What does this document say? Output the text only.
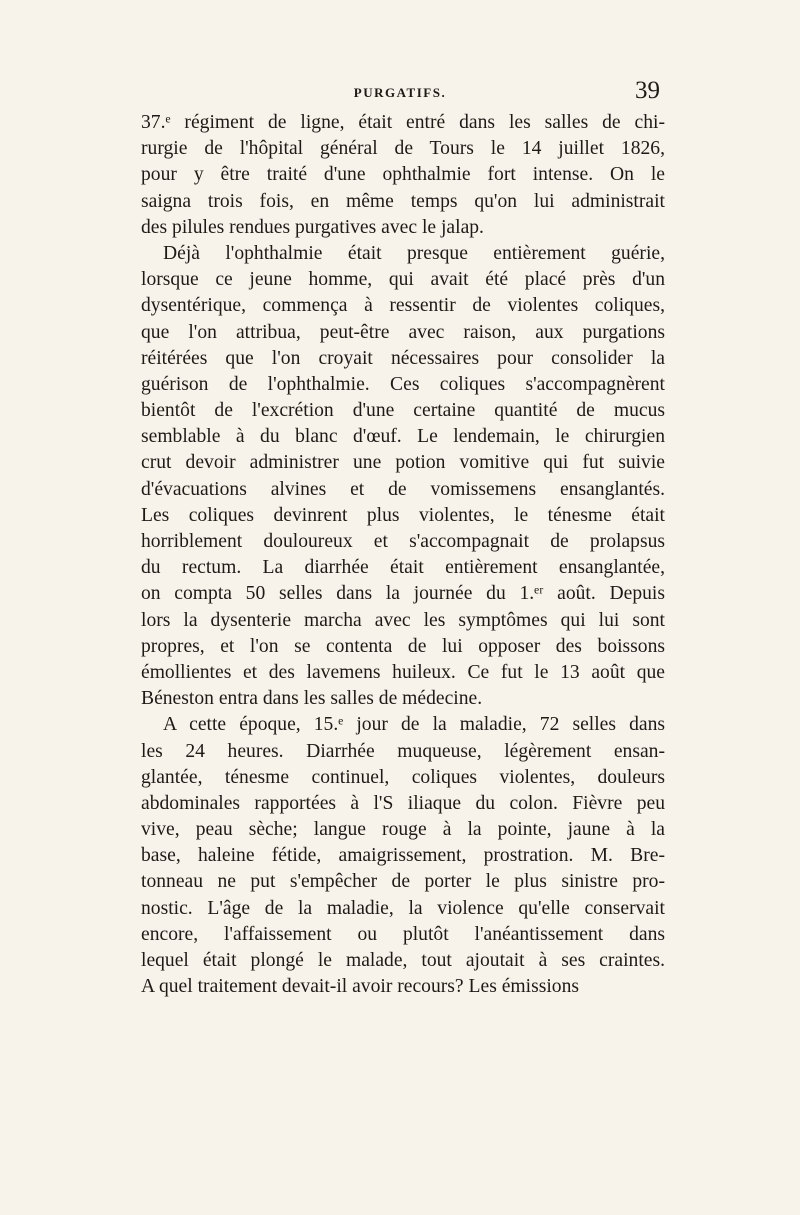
PURGATIFS.	39
37.ᵉ régiment de ligne, était entré dans les salles de chi-
rurgie de l'hôpital général de Tours le 14 juillet 1826,
pour y être traité d'une ophthalmie fort intense. On le
saigna trois fois, en même temps qu'on lui administrait
des pilules rendues purgatives avec le jalap.
Déjà l'ophthalmie était presque entièrement guérie,
lorsque ce jeune homme, qui avait été placé près d'un
dysentérique, commença à ressentir de violentes coliques,
que l'on attribua, peut-être avec raison, aux purgations
réitérées que l'on croyait nécessaires pour consolider la
guérison de l'ophthalmie. Ces coliques s'accompagnèrent
bientôt de l'excrétion d'une certaine quantité de mucus
semblable à du blanc d'œuf. Le lendemain, le chirurgien
crut devoir administrer une potion vomitive qui fut suivie
d'évacuations alvines et de vomissemens ensanglantés.
Les coliques devinrent plus violentes, le ténesme était
horriblement douloureux et s'accompagnait de prolapsus
du rectum. La diarrhée était entièrement ensanglantée,
on compta 50 selles dans la journée du 1.ᵉʳ août. Depuis
lors la dysenterie marcha avec les symptômes qui lui sont
propres, et l'on se contenta de lui opposer des boissons
émollientes et des lavemens huileux. Ce fut le 13 août que
Béneston entra dans les salles de médecine.
A cette époque, 15.ᵉ jour de la maladie, 72 selles dans
les 24 heures. Diarrhée muqueuse, légèrement ensan-
glantée, ténesme continuel, coliques violentes, douleurs
abdominales rapportées à l'S iliaque du colon. Fièvre peu
vive, peau sèche; langue rouge à la pointe, jaune à la
base, haleine fétide, amaigrissement, prostration. M. Bre-
tonneau ne put s'empêcher de porter le plus sinistre pro-
nostic. L'âge de la maladie, la violence qu'elle conservait
encore, l'affaissement ou plutôt l'anéantissement dans
lequel était plongé le malade, tout ajoutait à ses craintes.
A quel traitement devait-il avoir recours? Les émissions
